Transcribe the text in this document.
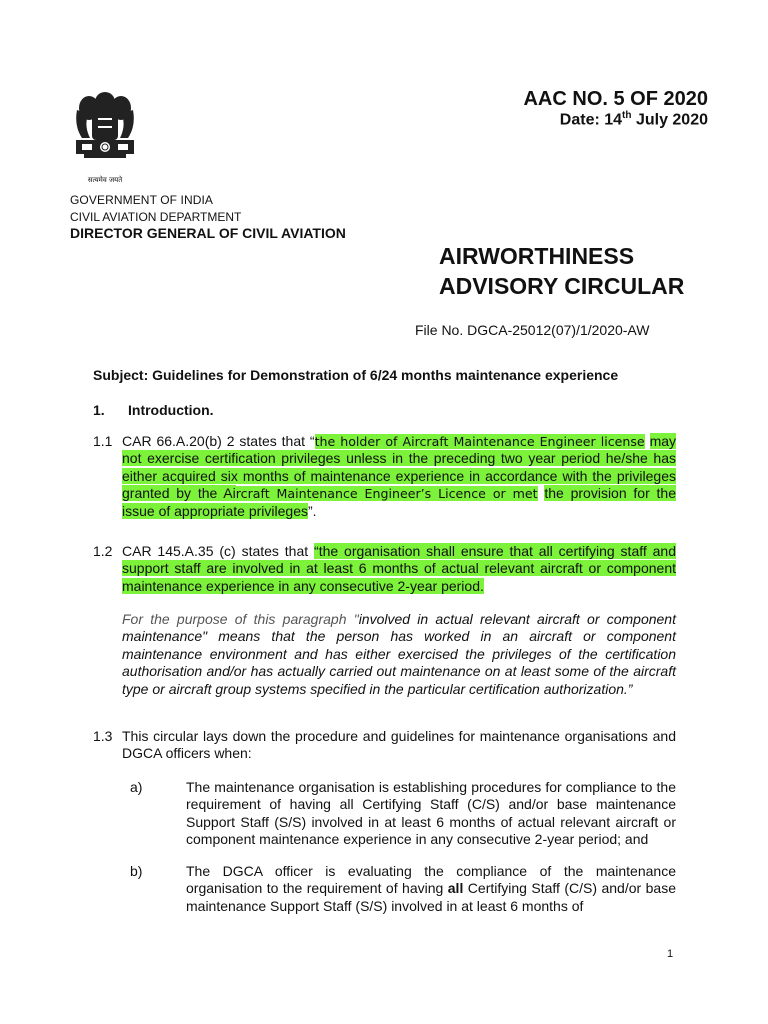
सत्यमेव जयते
AAC NO. 5 OF 2020
Date: 14th July 2020
GOVERNMENT OF INDIA
CIVIL AVIATION DEPARTMENT
DIRECTOR GENERAL OF CIVIL AVIATION
AIRWORTHINESS
ADVISORY CIRCULAR
File No. DGCA-25012(07)/1/2020-AW
Subject: Guidelines for Demonstration of 6/24 months maintenance experience
1. Introduction.
1.1 CAR 66.A.20(b) 2 states that “the holder of Aircraft Maintenance Engineer license may not exercise certification privileges unless in the preceding two year period he/she has either acquired six months of maintenance experience in accordance with the privileges granted by the Aircraft Maintenance Engineer’s Licence or met the provision for the issue of appropriate privileges”.
1.2 CAR 145.A.35 (c) states that “the organisation shall ensure that all certifying staff and support staff are involved in at least 6 months of actual relevant aircraft or component maintenance experience in any consecutive 2-year period.
For the purpose of this paragraph "involved in actual relevant aircraft or component maintenance" means that the person has worked in an aircraft or component maintenance environment and has either exercised the privileges of the certification authorisation and/or has actually carried out maintenance on at least some of the aircraft type or aircraft group systems specified in the particular certification authorization.”
1.3 This circular lays down the procedure and guidelines for maintenance organisations and DGCA officers when:
a)	The maintenance organisation is establishing procedures for compliance to the requirement of having all Certifying Staff (C/S) and/or base maintenance Support Staff (S/S) involved in at least 6 months of actual relevant aircraft or component maintenance experience in any consecutive 2-year period; and
b)	The DGCA officer is evaluating the compliance of the maintenance organisation to the requirement of having all Certifying Staff (C/S) and/or base maintenance Support Staff (S/S) involved in at least 6 months of
1
